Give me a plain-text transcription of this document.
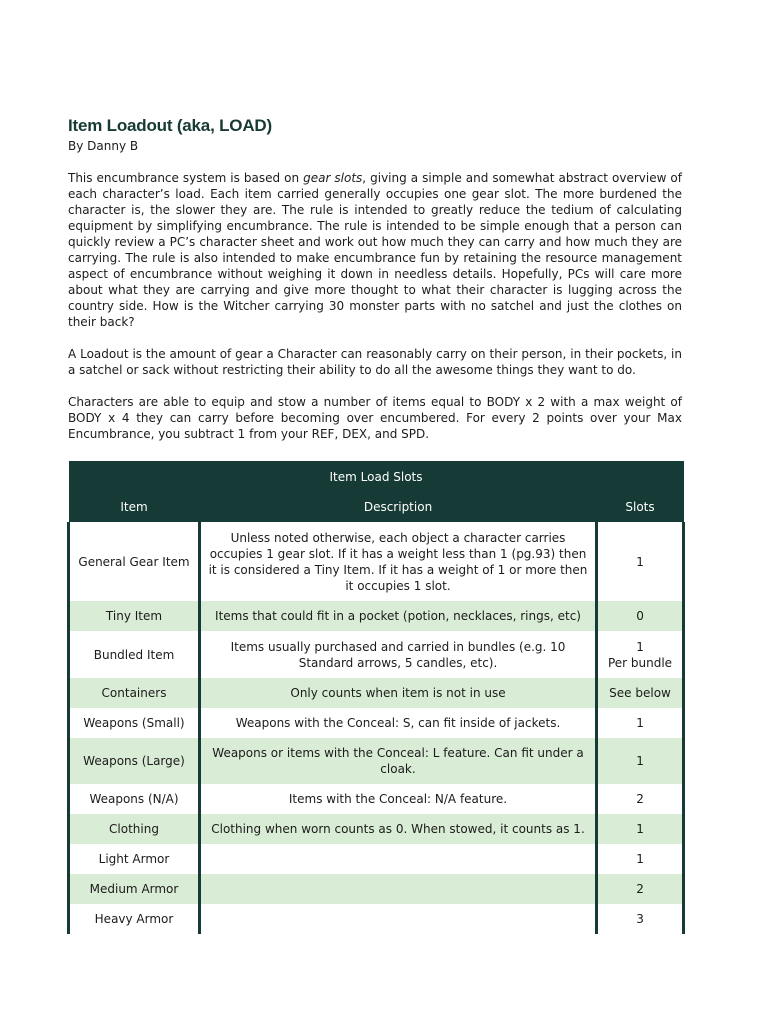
Item Loadout (aka, LOAD)

By Danny B

This encumbrance system is based on gear slots, giving a simple and somewhat abstract overview of each character’s load. Each item carried generally occupies one gear slot. The more burdened the character is, the slower they are. The rule is intended to greatly reduce the tedium of calculating equipment by simplifying encumbrance. The rule is intended to be simple enough that a person can quickly review a PC’s character sheet and work out how much they can carry and how much they are carrying. The rule is also intended to make encumbrance fun by retaining the resource management aspect of encumbrance without weighing it down in needless details. Hopefully, PCs will care more about what they are carrying and give more thought to what their character is lugging across the country side. How is the Witcher carrying 30 monster parts with no satchel and just the clothes on their back?

A Loadout is the amount of gear a Character can reasonably carry on their person, in their pockets, in a satchel or sack without restricting their ability to do all the awesome things they want to do.

Characters are able to equip and stow a number of items equal to BODY x 2 with a max weight of BODY x 4 they can carry before becoming over encumbered. For every 2 points over your Max Encumbrance, you subtract 1 from your REF, DEX, and SPD.

Item Load Slots		
Item	Description	Slots
General Gear Item	Unless noted otherwise, each object a character carries occupies 1 gear slot. If it has a weight less than 1 (pg.93) then it is considered a Tiny Item. If it has a weight of 1 or more then it occupies 1 slot.	1
Tiny Item	Items that could fit in a pocket (potion, necklaces, rings, etc)	0
Bundled Item	Items usually purchased and carried in bundles (e.g. 10 Standard arrows, 5 candles, etc).	1
Per bundle

Containers	Only counts when item is not in use	See below
Weapons (Small)	Weapons with the Conceal: S, can fit inside of jackets.	1
Weapons (Large)	Weapons or items with the Conceal: L feature. Can fit under a cloak.	1
Weapons (N/A)	Items with the Conceal: N/A feature.	2
Clothing	Clothing when worn counts as 0. When stowed, it counts as 1.	1
Light Armor		1
Medium Armor		2
Heavy Armor		3
